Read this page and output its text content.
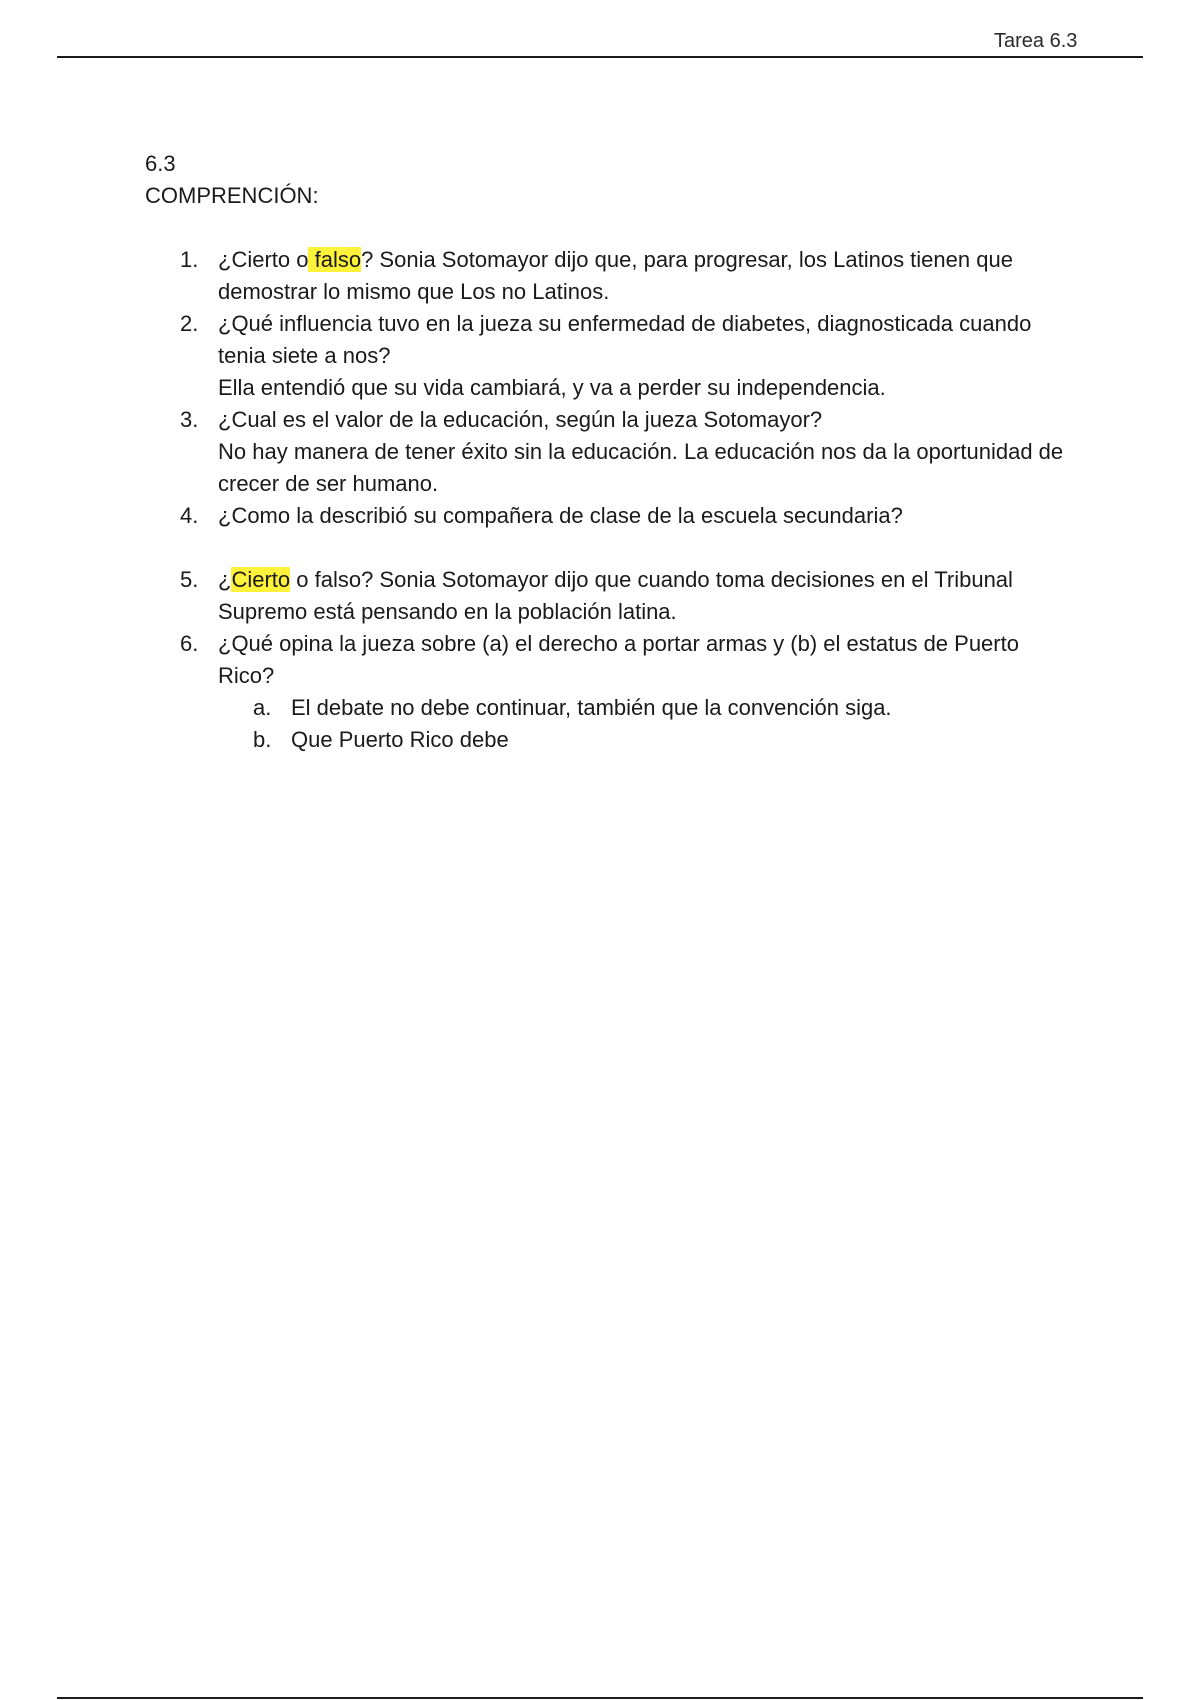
Tarea 6.3
6.3
COMPRENCIÓN:
1. ¿Cierto o falso? Sonia Sotomayor dijo que, para progresar, los Latinos tienen que demostrar lo mismo que Los no Latinos.
2. ¿Qué influencia tuvo en la jueza su enfermedad de diabetes, diagnosticada cuando tenia siete a nos?
Ella entendió que su vida cambiará, y va a perder su independencia.
3. ¿Cual es el valor de la educación, según la jueza Sotomayor?
No hay manera de tener éxito sin la educación. La educación nos da la oportunidad de crecer de ser humano.
4. ¿Como la describió su compañera de clase de la escuela secundaria?
5. ¿Cierto o falso? Sonia Sotomayor dijo que cuando toma decisiones en el Tribunal Supremo está pensando en la población latina.
6. ¿Qué opina la jueza sobre (a) el derecho a portar armas y (b) el estatus de Puerto Rico?
a. El debate no debe continuar, también que la convención siga.
b. Que Puerto Rico debe
